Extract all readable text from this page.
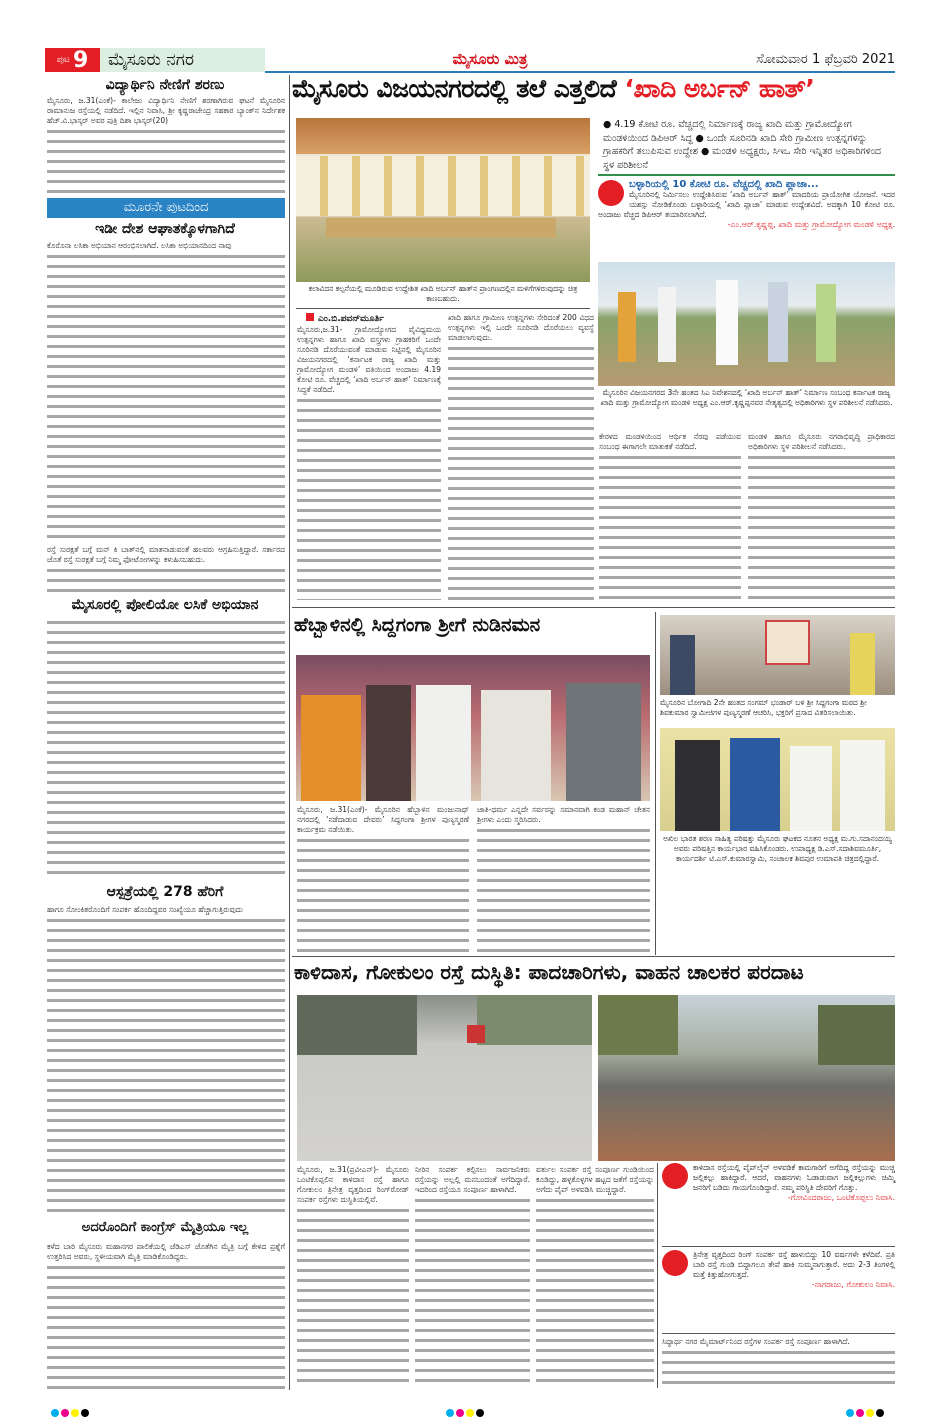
ಪುಟ 9	ಮೈಸೂರು ನಗರ	ಮೈಸೂರು ಮಿತ್ರ	ಸೋಮವಾರ 1 ಫೆಬ್ರವರಿ 2021
ವಿದ್ಯಾರ್ಥಿನಿ ನೇಣಿಗೆ ಶರಣು
ಮೈಸೂರು, ಜ.31(ಎಂಕೆ)- ಕಾಲೇಜು ವಿದ್ಯಾರ್ಥಿನಿ ನೇಣಿಗೆ ಶರಣಾಗಿರುವ ಘಟನೆ ಮೈಸೂರಿನ ರಾಮಾನುಜ ರಸ್ತೆಯಲ್ಲಿ ನಡೆದಿದೆ. ಇಲ್ಲಿನ ನಿವಾಸಿ, ಶ್ರೀ ಕೃಷ್ಣರಾಜೇಂದ್ರ ಸಹಕಾರ ಬ್ಯಾಂಕ್‌ನ ನಿರ್ದೇಶಕ ಹೆಚ್.ವಿ.ಭಾಸ್ಕರ್ ಅವರ ಪುತ್ರಿ ದಿಶಾ ಭಾಸ್ಕರ್(20)
ಮೂರನೇ ಪುಟದಿಂದ
ಇಡೀ ದೇಶ ಆಘಾತಕ್ಕೊಳಗಾಗಿದೆ
ಕೊರೊನಾ ಲಸಿಕಾ ಅಭಿಯಾನ ಆರಂಭಿಸಲಾಗಿದೆ. ಲಸಿಕಾ ಅಭಿಯಾನದಿಂದ ನಾವು
ರಸ್ತೆ ಸುರಕ್ಷತೆ ಬಗ್ಗೆ ಮನ್ ಕಿ ಬಾತ್‌ನಲ್ಲಿ ಮಾತನಾಡುವಂತೆ ಹಲವರು ಆಗ್ರಹಿಸುತ್ತಿದ್ದಾರೆ. ಸರ್ಕಾರದ ಜೊತೆ ರಸ್ತೆ ಸುರಕ್ಷತೆ ಬಗ್ಗೆ ನಿಮ್ಮ ಫೋಟೋಗಳನ್ನು ಕಳುಹಿಸಬಹುದು.
ಮೈಸೂರಲ್ಲಿ ಪೋಲಿಯೋ ಲಸಿಕೆ ಅಭಿಯಾನ
ಆಸ್ಪತ್ರೆಯಲ್ಲಿ 278 ಹೆರಿಗೆ
ಹಾಗೂ ಸೋಂಕಿತರೊಂದಿಗೆ ಸಂಪರ್ಕ ಹೊಂದಿದ್ದವರ ಸಂಖ್ಯೆಯೂ ಹೆಚ್ಚಾಗುತ್ತಿರುವುದು
ಅದರೊಂದಿಗೆ ಕಾಂಗ್ರೆಸ್ ಮೈತ್ರಿಯೂ ಇಲ್ಲ
ಕಳೆದ ಬಾರಿ ಮೈಸೂರು ಮಹಾನಗರ ಪಾಲಿಕೆಯಲ್ಲಿ ಜೆಡಿಎಸ್ ಜೊತೆಗಿನ ಮೈತ್ರಿ ಬಗ್ಗೆ ಕೇಳಿದ ಪ್ರಶ್ನೆಗೆ ಉತ್ತರಿಸಿದ ಅವರು, ಸ್ಥಳೀಯವಾಗಿ ಮೈತ್ರಿ ಮಾಡಿಕೊಂಡಿದ್ದರು.
ಮೈಸೂರು ವಿಜಯನಗರದಲ್ಲಿ ತಲೆ ಎತ್ತಲಿದೆ ‘ಖಾದಿ ಅರ್ಬನ್ ಹಾತ್’
ಕಲಾವಿದನ ಕಲ್ಪನೆಯಲ್ಲಿ ಮೂಡಿರುವ ಉದ್ದೇಶಿತ ಖಾದಿ ಅರ್ಬನ್ ಹಾತ್‌ನ ಪ್ರಾಂಗಣದಲ್ಲಿನ ಮಳಿಗೆಗಳಿರುವುದನ್ನು ಚಿತ್ರ ಕಾಣಬಹುದು.
ಎಂ.ಬಿ.ಪವನ್‌ಮೂರ್ತಿ
ಮೈಸೂರು,ಜ.31- ಗ್ರಾಮೋದ್ಯೋಗದ ವೈವಿಧ್ಯಮಯ ಉತ್ಪನ್ನಗಳು ಹಾಗೂ ಖಾದಿ ವಸ್ತ್ರಗಳು ಗ್ರಾಹಕರಿಗೆ ಒಂದೇ ಸೂರಿನಡಿ ದೊರೆಯುವಂತೆ ಮಾಡುವ ನಿಟ್ಟಿನಲ್ಲಿ ಮೈಸೂರಿನ ವಿಜಯನಗರದಲ್ಲಿ ‘ಕರ್ನಾಟಕ ರಾಜ್ಯ ಖಾದಿ ಮತ್ತು ಗ್ರಾಮೋದ್ಯೋಗ ಮಂಡಳಿ’ ವತಿಯಿಂದ ಅಂದಾಜು 4.19 ಕೋಟಿ ರೂ. ವೆಚ್ಚದಲ್ಲಿ ‘ಖಾದಿ ಅರ್ಬನ್ ಹಾತ್’ ನಿರ್ಮಾಣಕ್ಕೆ ಸಿದ್ಧತೆ ನಡೆದಿದೆ.
ಖಾದಿ ಹಾಗೂ ಗ್ರಾಮೀಣ ಉತ್ಪನ್ನಗಳು ಸೇರಿದಂತೆ 200 ವಿಧದ ಉತ್ಪನ್ನಗಳು ಇಲ್ಲಿ ಒಂದೇ ಸೂರಿನಡಿ ದೊರೆಯಲು ವ್ಯವಸ್ಥೆ ಮಾಡಲಾಗುವುದು.
● 4.19 ಕೋಟಿ ರೂ. ವೆಚ್ಚದಲ್ಲಿ ನಿರ್ಮಾಣಕ್ಕೆ ರಾಜ್ಯ ಖಾದಿ ಮತ್ತು ಗ್ರಾಮೋದ್ಯೋಗ ಮಂಡಳಿಯಿಂದ ಡಿಪಿಆರ್ ಸಿದ್ಧ ● ಒಂದೇ ಸೂರಿನಡಿ ಖಾದಿ ಸೇರಿ ಗ್ರಾಮೀಣ ಉತ್ಪನ್ನಗಳನ್ನು ಗ್ರಾಹಕರಿಗೆ ತಲುಪಿಸುವ ಉದ್ದೇಶ ● ಮಂಡಳಿ ಅಧ್ಯಕ್ಷರು, ಸಿಇಒ ಸೇರಿ ಇನ್ನಿತರ ಅಧಿಕಾರಿಗಳಿಂದ ಸ್ಥಳ ಪರಿಶೀಲನೆ
ಬಳ್ಳಾರಿಯಲ್ಲಿ 10 ಕೋಟಿ ರೂ. ವೆಚ್ಚದಲ್ಲಿ ಖಾದಿ ಪ್ಲಾಜಾ...
ಮೈಸೂರಿನಲ್ಲಿ ನಿರ್ಮಿಸಲು ಉದ್ದೇಶಿಸಿರುವ ‘ಖಾದಿ ಅರ್ಬನ್ ಹಾತ್’ ಮಾದರಿಯ ಪ್ರಾಯೋಗಿಕ ಯೋಜನೆ. ಇದರ ಯಶಸ್ಸು ನೋಡಿಕೊಂಡು ಬಳ್ಳಾರಿಯಲ್ಲಿ ‘ಖಾದಿ ಪ್ಲಾಜಾ’ ಮಾಡುವ ಉದ್ದೇಶವಿದೆ. ಅದಕ್ಕಾಗಿ 10 ಕೋಟಿ ರೂ. ಅಂದಾಜು ವೆಚ್ಚದ ಡಿಪಿಆರ್ ತಯಾರಿಸಲಾಗಿದೆ.
-ಎಂ.ಆರ್.ಕೃಷ್ಣಪ್ಪ, ಖಾದಿ ಮತ್ತು ಗ್ರಾಮೋದ್ಯೋಗ ಮಂಡಳಿ ಅಧ್ಯಕ್ಷ.
ಮೈಸೂರಿನ ವಿಜಯನಗರದ 3ನೇ ಹಂತದ ಸಿಎ ನಿವೇಶನದಲ್ಲಿ ‘ಖಾದಿ ಅರ್ಬನ್ ಹಾತ್’ ನಿರ್ಮಾಣ ಸಂಬಂಧ ಕರ್ನಾಟಕ ರಾಜ್ಯ ಖಾದಿ ಮತ್ತು ಗ್ರಾಮೋದ್ಯೋಗ ಮಂಡಳಿ ಅಧ್ಯಕ್ಷ ಎಂ.ಆರ್.ಕೃಷ್ಣಪ್ಪನವರ ನೇತೃತ್ವದಲ್ಲಿ ಅಧಿಕಾರಿಗಳು ಸ್ಥಳ ಪರಿಶೀಲನೆ ನಡೆಸಿದರು.
ಕೇರಳದ ಮಂಡಳಿಯಿಂದ ಆರ್ಥಿಕ ನೆರವು ಪಡೆಯುವ ಸಂಬಂಧ ಈಗಾಗಲೇ ಮಾತುಕತೆ ನಡೆದಿದೆ.
ಮಂಡಳಿ ಹಾಗೂ ಮೈಸೂರು ನಗರಾಭಿವೃದ್ಧಿ ಪ್ರಾಧಿಕಾರದ ಅಧಿಕಾರಿಗಳು ಸ್ಥಳ ಪರಿಶೀಲನೆ ನಡೆಸಿದರು.
ಹೆಬ್ಬಾಳಿನಲ್ಲಿ ಸಿದ್ದಗಂಗಾ ಶ್ರೀಗೆ ನುಡಿನಮನ
ಮೈಸೂರು, ಜ.31(ಎಂಕೆ)- ಮೈಸೂರಿನ ಹೆಬ್ಬಾಳಿನ ಮಂಜುನಾಥ್ ನಗರದಲ್ಲಿ ‘ನಡೆದಾಡುವ ದೇವರು’ ಸಿದ್ದಗಂಗಾ ಶ್ರೀಗಳ ಪುಣ್ಯಸ್ಮರಣೆ ಕಾರ್ಯಕ್ರಮ ನಡೆಯಿತು.
ಜಾತಿ-ಧರ್ಮ ಎನ್ನದೇ ಸರ್ವರನ್ನು ಸಮಾನವಾಗಿ ಕಂಡ ಮಹಾನ್ ಚೇತನ ಶ್ರೀಗಳು ಎಂದು ಸ್ಮರಿಸಿದರು.
ಮೈಸೂರಿನ ಬೋಗಾದಿ 2ನೇ ಹಂತದ ಸಂಗಮ್ ಭಂಡಾರ್ ಬಳಿ ಶ್ರೀ ಸಿದ್ದಗಂಗಾ ಮಠದ ಶ್ರೀ ಶಿವಕುಮಾರ ಸ್ವಾಮೀಜಿಗಳ ಪುಣ್ಯಸ್ಮರಣೆ ಆಚರಿಸಿ, ಭಕ್ತರಿಗೆ ಪ್ರಸಾದ ವಿತರಿಸಲಾಯಿತು.
ಅಖಿಲ ಭಾರತ ಶರಣ ಸಾಹಿತ್ಯ ಪರಿಷತ್ತು ಮೈಸೂರು ಘಟಕದ ನೂತನ ಅಧ್ಯಕ್ಷ ಮ.ಗು.ಸದಾನಂದಯ್ಯ ಅವರು ಪರಿಷತ್ತಿನ ಕಾರ್ಯಭಾರ ವಹಿಸಿಕೊಂಡರು. ಉಪಾಧ್ಯಕ್ಷ ಡಿ.ಎಸ್.ಸದಾಶಿವಮೂರ್ತಿ, ಕಾರ್ಯದರ್ಶಿ ಟಿ.ಎಸ್.ಕುಮಾರಸ್ವಾಮಿ, ಸಂಚಾಲಕ ಶಿವಪುರ ಉಮಾಪತಿ ಚಿತ್ರದಲ್ಲಿದ್ದಾರೆ.
ಕಾಳಿದಾಸ, ಗೋಕುಲಂ ರಸ್ತೆ ದುಸ್ಥಿತಿ: ಪಾದಚಾರಿಗಳು, ವಾಹನ ಚಾಲಕರ ಪರದಾಟ
ಮೈಸೂರು, ಜ.31(ಪ್ರವೀಎನ್)- ಮೈಸೂರು ಒಂಟಿಕೊಪ್ಪಲಿನ ಕಾಳಿದಾಸ ರಸ್ತೆ ಹಾಗೂ ಗೋಕುಲಂ ತ್ರಿನೇತ್ರ ವೃತ್ತದಿಂದ ರಿಂಗ್‌ರೋಡ್ ಸಂಪರ್ಕ ರಸ್ತೆಗಳು ದುಸ್ಥಿತಿಯಲ್ಲಿವೆ.
ನೀರಿನ ಸಂಪರ್ಕ ಕಲ್ಪಿಸಲು ಸಾರ್ವಜನಿಕರು ರಸ್ತೆಯನ್ನು ಅಲ್ಲಲ್ಲಿ ಮನಬಂದಂತೆ ಅಗೆದಿದ್ದಾರೆ. ಇದರಿಂದ ರಸ್ತೆಯೂ ಸಂಪೂರ್ಣ ಹಾಳಾಗಿದೆ.
ವರ್ತುಲ ಸಂಪರ್ಕ ರಸ್ತೆ ಸಂಪೂರ್ಣ ಗುಂಡಿಯಿಂದ ಕೂಡಿದ್ದು, ಹಳ್ಳಕೊಳ್ಳಗಳ ಹಟ್ಟದ ಜತೆಗೆ ರಸ್ತೆಯನ್ನು ಅಗೆದು ಪೈಪ್ ಅಳವಡಿಸಿ ಮುಚ್ಚಿದ್ದಾರೆ.
ಕಾಳಿದಾಸ ರಸ್ತೆಯಲ್ಲಿ ಪೈಪ್‌ಲೈನ್ ಅಳವಡಿಕೆ ಕಾಮಗಾರಿಗೆ ಅಗೆದಿದ್ದ ರಸ್ತೆಯನ್ನು ಮುಚ್ಚಿ ಜಲ್ಲಿಕಲ್ಲು ಹಾಕಿದ್ದಾರೆ. ಆದರೆ, ವಾಹನಗಳು ಓಡಾಡುವಾಗ ಜಲ್ಲಿಕಲ್ಲುಗಳು ಚಿಮ್ಮಿ ಜನರಿಗೆ ಬಡಿದು ಗಾಯಗೊಂಡಿದ್ದಾರೆ. ನಮ್ಮ ಪರಿಸ್ಥಿತಿ ದೇವರಿಗೆ ಗೊತ್ತು.
-ಗೋವಿಂದರಾಜು, ಒಂಟಿಕೊಪ್ಪಲು ನಿವಾಸಿ.
ತ್ರಿನೇತ್ರ ವೃತ್ತದಿಂದ ರಿಂಗ್ ಸಂಪರ್ಕ ರಸ್ತೆ ಹಾಳುಬಿದ್ದು 10 ವರ್ಷಗಳೇ ಕಳೆದಿವೆ. ಪ್ರತಿ ಬಾರಿ ರಸ್ತೆ ಗುಂಡಿ ಬಿದ್ದಾಗಲೂ ತೇಪೆ ಹಾಕಿ ಸುಮ್ಮನಾಗುತ್ತಾರೆ. ಅದು 2-3 ತಿಂಗಳಲ್ಲಿ ಮತ್ತೆ ಕಿತ್ತುಹೋಗುತ್ತದೆ.
-ನಾಗರಾಜು, ಗೋಕುಲಂ ನಿವಾಸಿ.
ಸಿದ್ಧಾರ್ಥ ನಗರ ಮೈಮಾರ್ಟ್‌ನಿಂದ ರಸ್ತೆಗಳ ಸಂಪರ್ಕ ರಸ್ತೆ ಸಂಪೂರ್ಣ ಹಾಳಾಗಿದೆ.
